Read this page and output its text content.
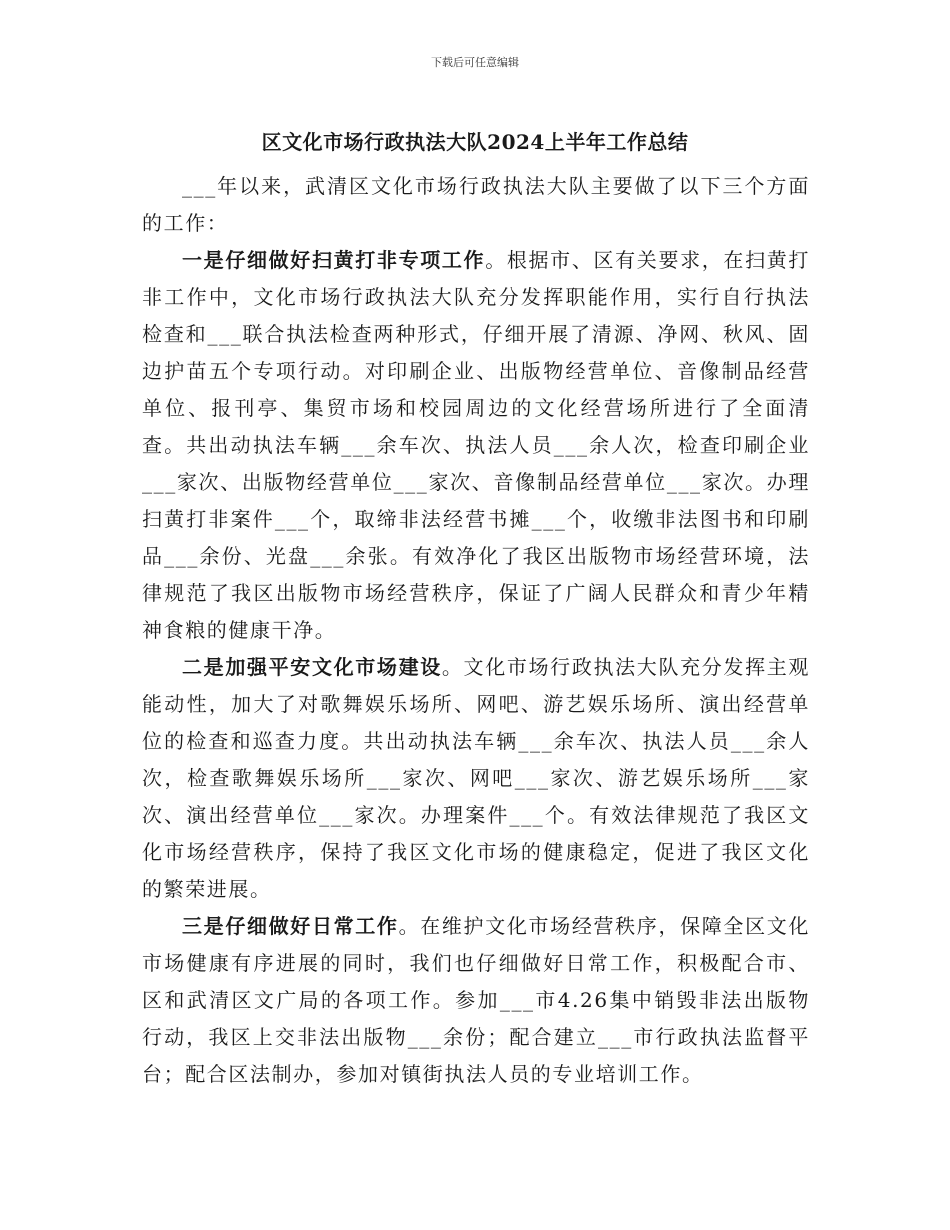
下载后可任意编辑
区文化市场行政执法大队2024上半年工作总结

___年以来，武清区文化市场行政执法大队主要做了以下三个方面的工作：

一是仔细做好扫黄打非专项工作。根据市、区有关要求，在扫黄打非工作中，文化市场行政执法大队充分发挥职能作用，实行自行执法检查和___联合执法检查两种形式，仔细开展了清源、净网、秋风、固边护苗五个专项行动。对印刷企业、出版物经营单位、音像制品经营单位、报刊亭、集贸市场和校园周边的文化经营场所进行了全面清查。共出动执法车辆___余车次、执法人员___余人次，检查印刷企业___家次、出版物经营单位___家次、音像制品经营单位___家次。办理扫黄打非案件___个，取缔非法经营书摊___个，收缴非法图书和印刷品___余份、光盘___余张。有效净化了我区出版物市场经营环境，法律规范了我区出版物市场经营秩序，保证了广阔人民群众和青少年精神食粮的健康干净。

二是加强平安文化市场建设。文化市场行政执法大队充分发挥主观能动性，加大了对歌舞娱乐场所、网吧、游艺娱乐场所、演出经营单位的检查和巡查力度。共出动执法车辆___余车次、执法人员___余人次，检查歌舞娱乐场所___家次、网吧___家次、游艺娱乐场所___家次、演出经营单位___家次。办理案件___个。有效法律规范了我区文化市场经营秩序，保持了我区文化市场的健康稳定，促进了我区文化的繁荣进展。

三是仔细做好日常工作。在维护文化市场经营秩序，保障全区文化市场健康有序进展的同时，我们也仔细做好日常工作，积极配合市、区和武清区文广局的各项工作。参加___市4.26集中销毁非法出版物行动，我区上交非法出版物___余份；配合建立___市行政执法监督平台；配合区法制办，参加对镇街执法人员的专业培训工作。
